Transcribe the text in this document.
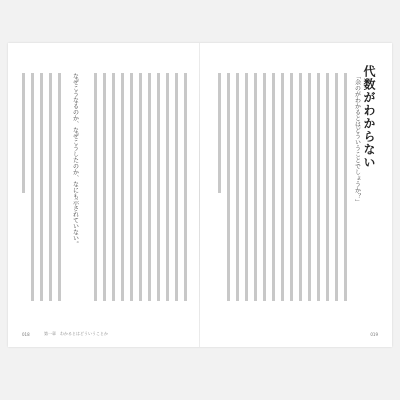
なぜこうなるのか、なぜこうしたのか、なにも示されていない。
018	第一章　わかるとはどういうことか
代数がわからない
「余のがわかるとはどういうことでしょうか？」
019
